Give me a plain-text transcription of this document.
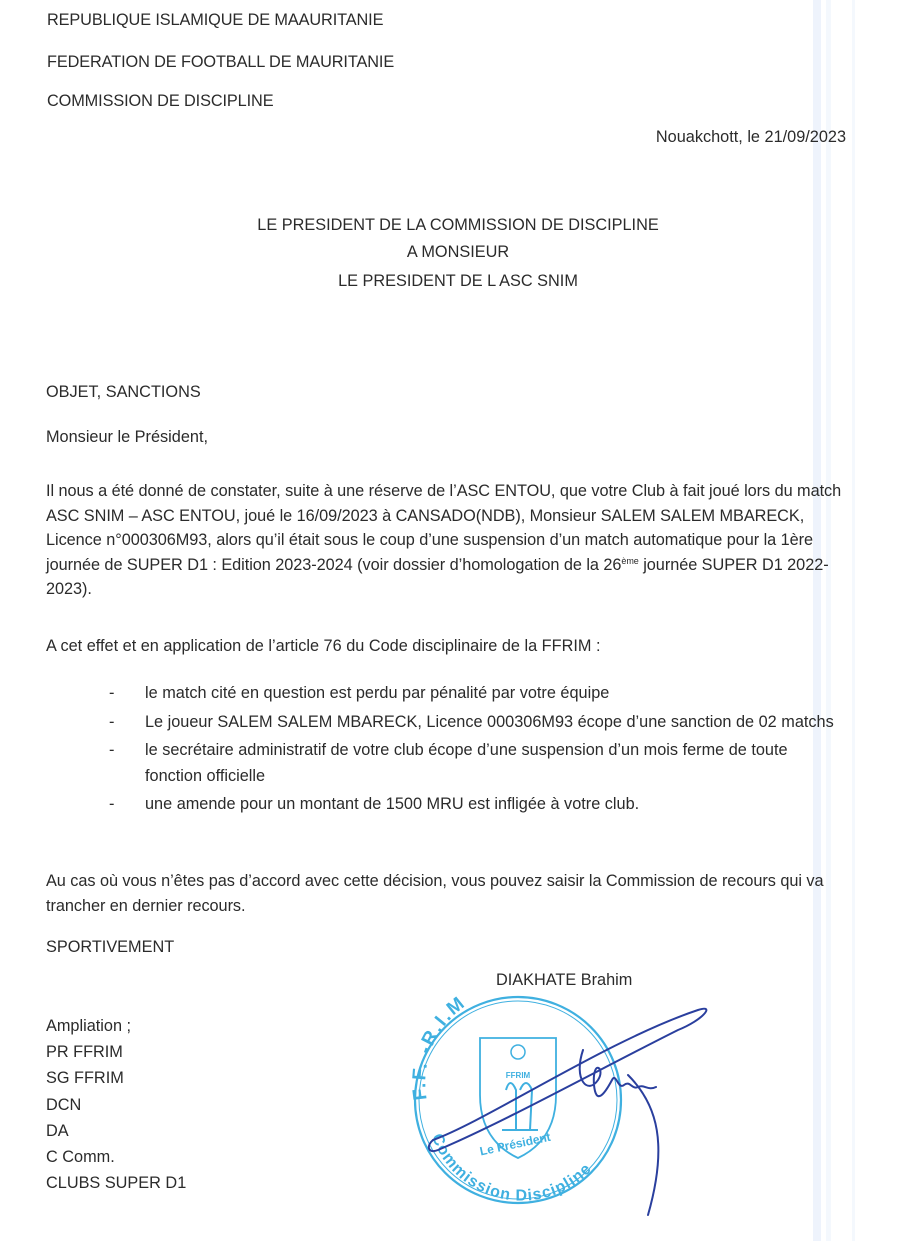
REPUBLIQUE ISLAMIQUE DE MAAURITANIE
FEDERATION DE FOOTBALL DE MAURITANIE
COMMISSION DE DISCIPLINE
Nouakchott, le 21/09/2023
LE PRESIDENT DE LA COMMISSION DE DISCIPLINE
A MONSIEUR
LE PRESIDENT DE L ASC SNIM
OBJET, SANCTIONS
Monsieur le Président,

Il nous a été donné de constater, suite à une réserve de l’ASC ENTOU, que votre Club à fait joué lors du match ASC SNIM – ASC ENTOU, joué le 16/09/2023 à CANSADO(NDB), Monsieur SALEM SALEM MBARECK, Licence n°000306M93, alors qu’il était sous le coup d’une suspension d’un match automatique pour la 1ère journée de SUPER D1 : Edition 2023-2024 (voir dossier d’homologation de la 26ème journée SUPER D1 2022-2023).

A cet effet et en application de l’article 76 du Code disciplinaire de la FFRIM :
- le match cité en question est perdu par pénalité par votre équipe
- Le joueur SALEM SALEM MBARECK, Licence 000306M93 écope d’une sanction de 02 matchs
- le secrétaire administratif de votre club écope d’une suspension d’un mois ferme de toute fonction officielle
- une amende pour un montant de 1500 MRU est infligée à votre club.

Au cas où vous n’êtes pas d’accord avec cette décision, vous pouvez saisir la Commission de recours qui va trancher en dernier recours.

SPORTIVEMENT
DIAKHATE Brahim
Ampliation ;
PR FFRIM
SG FFRIM
DCN
DA
C Comm.
CLUBS SUPER D1
F.F. -R.I.M
Commission Discipline
FFRIM
Le Président
